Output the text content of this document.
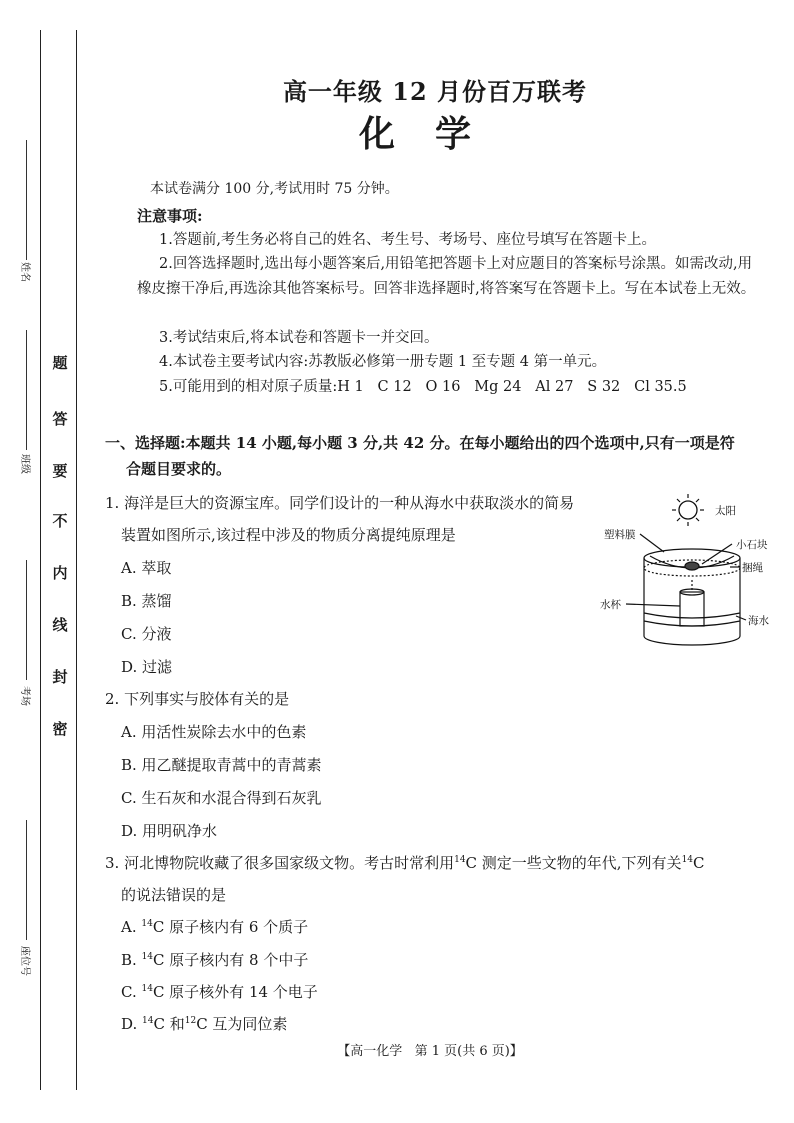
题
答
要
不
内
线
封
密
姓名
班级
考场
座位号
高一年级 12 月份百万联考
化学
本试卷满分 100 分,考试用时 75 分钟。
注意事项:
1.答题前,考生务必将自己的姓名、考生号、考场号、座位号填写在答题卡上。
2.回答选择题时,选出每小题答案后,用铅笔把答题卡上对应题目的答案标号涂黑。如需改动,用橡皮擦干净后,再选涂其他答案标号。回答非选择题时,将答案写在答题卡上。写在本试卷上无效。
3.考试结束后,将本试卷和答题卡一并交回。
4.本试卷主要考试内容:苏教版必修第一册专题 1 至专题 4 第一单元。
5.可能用到的相对原子质量:H 1   C 12   O 16   Mg 24   Al 27   S 32   Cl 35.5
一、选择题:本题共 14 小题,每小题 3 分,共 42 分。在每小题给出的四个选项中,只有一项是符
合题目要求的。
1. 海洋是巨大的资源宝库。同学们设计的一种从海水中获取淡水的简易
装置如图所示,该过程中涉及的物质分离提纯原理是
A. 萃取
B. 蒸馏
C. 分液
D. 过滤
太阳
塑料膜
小石块
捆绳
水杯
海水
2. 下列事实与胶体有关的是
A. 用活性炭除去水中的色素
B. 用乙醚提取青蒿中的青蒿素
C. 生石灰和水混合得到石灰乳
D. 用明矾净水
3. 河北博物院收藏了很多国家级文物。考古时常利用$^{14}$C 测定一些文物的年代,下列有关$^{14}$C
的说法错误的是
A. $^{14}$C 原子核内有 6 个质子
B. $^{14}$C 原子核内有 8 个中子
C. $^{14}$C 原子核外有 14 个电子
D. $^{14}$C 和$^{12}$C 互为同位素
【高一化学   第 1 页(共 6 页)】
